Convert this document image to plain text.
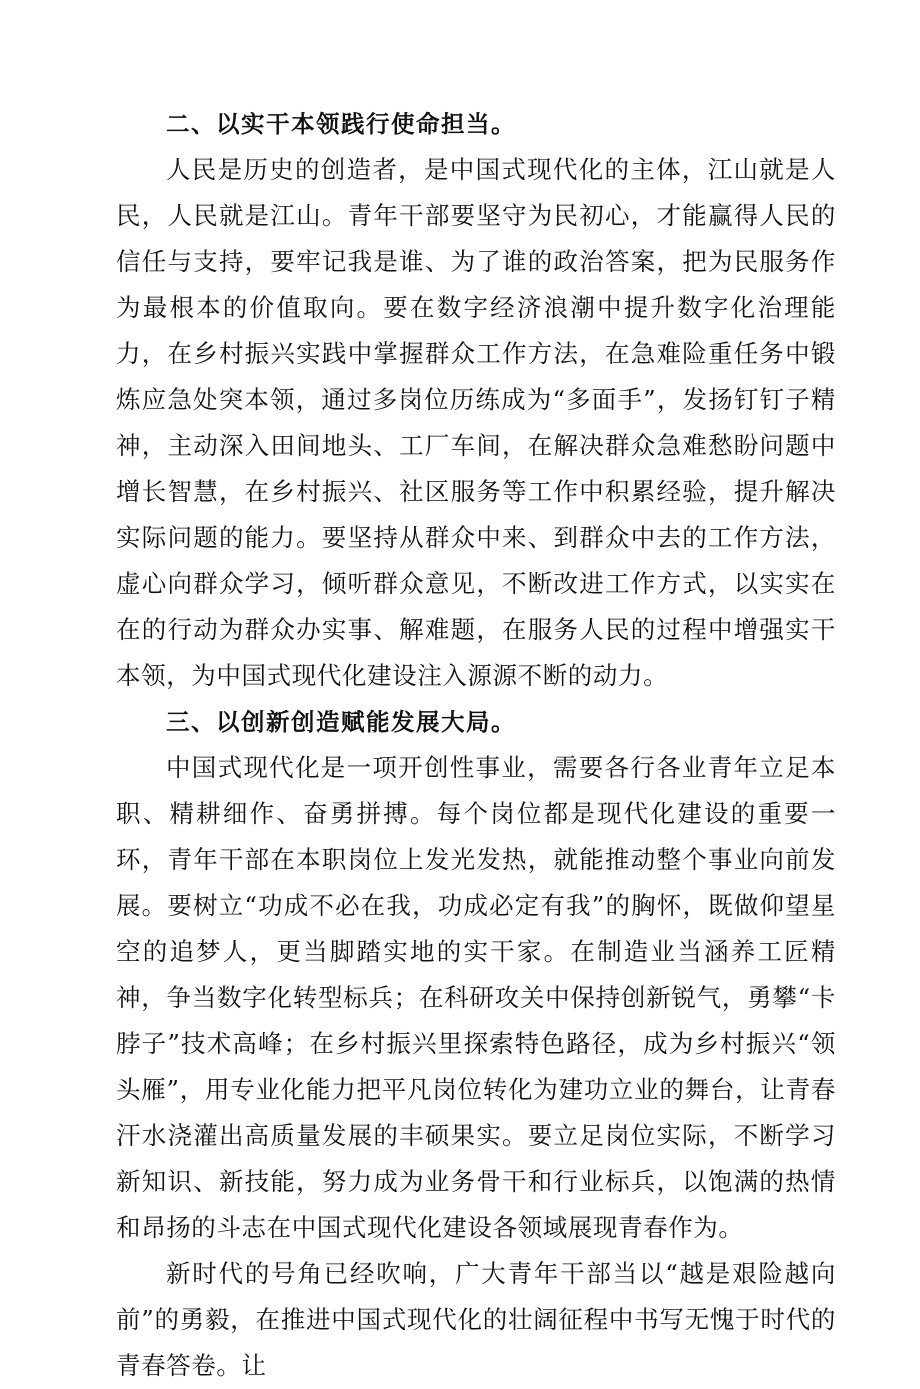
二、以实干本领践行使命担当。

人民是历史的创造者，是中国式现代化的主体，江山就是人民，人民就是江山。青年干部要坚守为民初心，才能赢得人民的信任与支持，要牢记我是谁、为了谁的政治答案，把为民服务作为最根本的价值取向。要在数字经济浪潮中提升数字化治理能力，在乡村振兴实践中掌握群众工作方法，在急难险重任务中锻炼应急处突本领，通过多岗位历练成为“多面手”，发扬钉钉子精神，主动深入田间地头、工厂车间，在解决群众急难愁盼问题中增长智慧，在乡村振兴、社区服务等工作中积累经验，提升解决实际问题的能力。要坚持从群众中来、到群众中去的工作方法，虚心向群众学习，倾听群众意见，不断改进工作方式，以实实在在的行动为群众办实事、解难题，在服务人民的过程中增强实干本领，为中国式现代化建设注入源源不断的动力。

三、以创新创造赋能发展大局。

中国式现代化是一项开创性事业，需要各行各业青年立足本职、精耕细作、奋勇拼搏。每个岗位都是现代化建设的重要一环，青年干部在本职岗位上发光发热，就能推动整个事业向前发展。要树立“功成不必在我，功成必定有我”的胸怀，既做仰望星空的追梦人，更当脚踏实地的实干家。在制造业当涵养工匠精神，争当数字化转型标兵；在科研攻关中保持创新锐气，勇攀“卡脖子”技术高峰；在乡村振兴里探索特色路径，成为乡村振兴“领头雁”，用专业化能力把平凡岗位转化为建功立业的舞台，让青春汗水浇灌出高质量发展的丰硕果实。要立足岗位实际，不断学习新知识、新技能，努力成为业务骨干和行业标兵，以饱满的热情和昂扬的斗志在中国式现代化建设各领域展现青春作为。

新时代的号角已经吹响，广大青年干部当以“越是艰险越向前”的勇毅，在推进中国式现代化的壮阔征程中书写无愧于时代的青春答卷。让
